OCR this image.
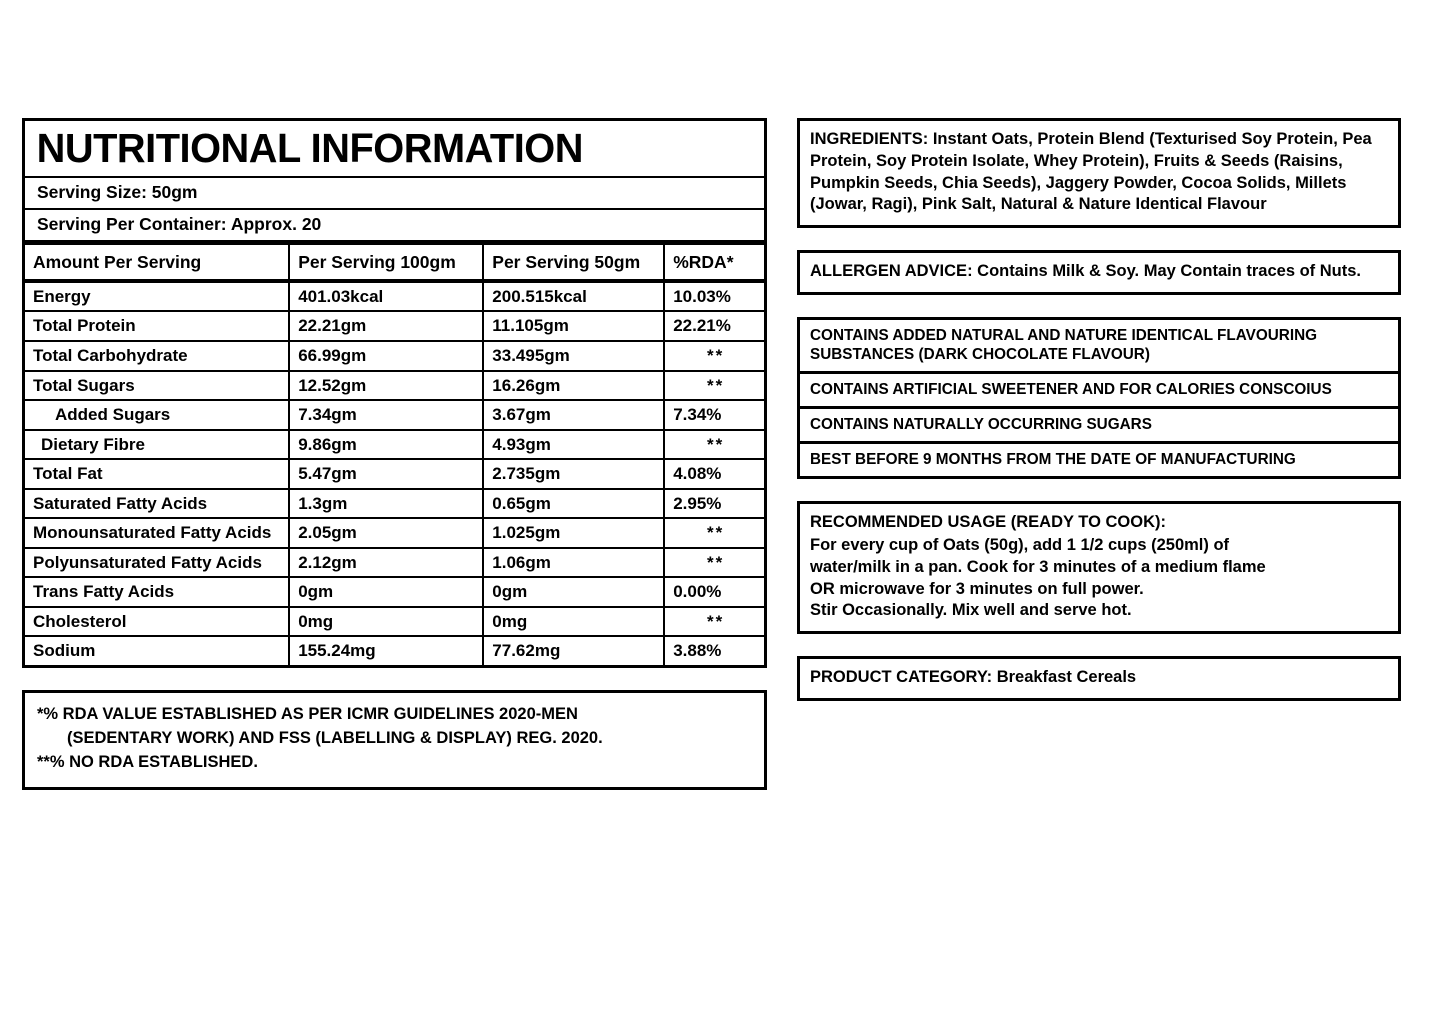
NUTRITIONAL INFORMATION
Serving Size: 50gm
Serving Per Container: Approx. 20
Amount Per Serving	Per Serving 100gm	Per Serving 50gm	%RDA*
Energy	401.03kcal	200.515kcal	10.03%
Total Protein	22.21gm	11.105gm	22.21%
Total Carbohydrate	66.99gm	33.495gm	**
Total Sugars	12.52gm	16.26gm	**
Added Sugars	7.34gm	3.67gm	7.34%
Dietary Fibre	9.86gm	4.93gm	**
Total Fat	5.47gm	2.735gm	4.08%
Saturated Fatty Acids	1.3gm	0.65gm	2.95%
Monounsaturated Fatty Acids	2.05gm	1.025gm	**
Polyunsaturated Fatty Acids	2.12gm	1.06gm	**
Trans Fatty Acids	0gm	0gm	0.00%
Cholesterol	0mg	0mg	**
Sodium	155.24mg	77.62mg	3.88%
*% RDA VALUE ESTABLISHED AS PER ICMR GUIDELINES 2020-MEN
(SEDENTARY WORK) AND FSS (LABELLING & DISPLAY) REG. 2020.
**% NO RDA ESTABLISHED.
INGREDIENTS: Instant Oats, Protein Blend (Texturised Soy Protein, Pea Protein, Soy Protein Isolate, Whey Protein), Fruits & Seeds (Raisins, Pumpkin Seeds, Chia Seeds), Jaggery Powder, Cocoa Solids, Millets (Jowar, Ragi), Pink Salt, Natural & Nature Identical Flavour
ALLERGEN ADVICE: Contains Milk & Soy. May Contain traces of Nuts.
CONTAINS ADDED NATURAL AND NATURE IDENTICAL FLAVOURING SUBSTANCES (DARK CHOCOLATE FLAVOUR)
CONTAINS ARTIFICIAL SWEETENER AND FOR CALORIES CONSCOIUS
CONTAINS NATURALLY OCCURRING SUGARS
BEST BEFORE 9 MONTHS FROM THE DATE OF MANUFACTURING
RECOMMENDED USAGE (READY TO COOK):
For every cup of Oats (50g), add 1 1/2 cups (250ml) of
water/milk in a pan. Cook for 3 minutes of a medium flame
OR microwave for 3 minutes on full power.
Stir Occasionally. Mix well and serve hot.
PRODUCT CATEGORY: Breakfast Cereals
